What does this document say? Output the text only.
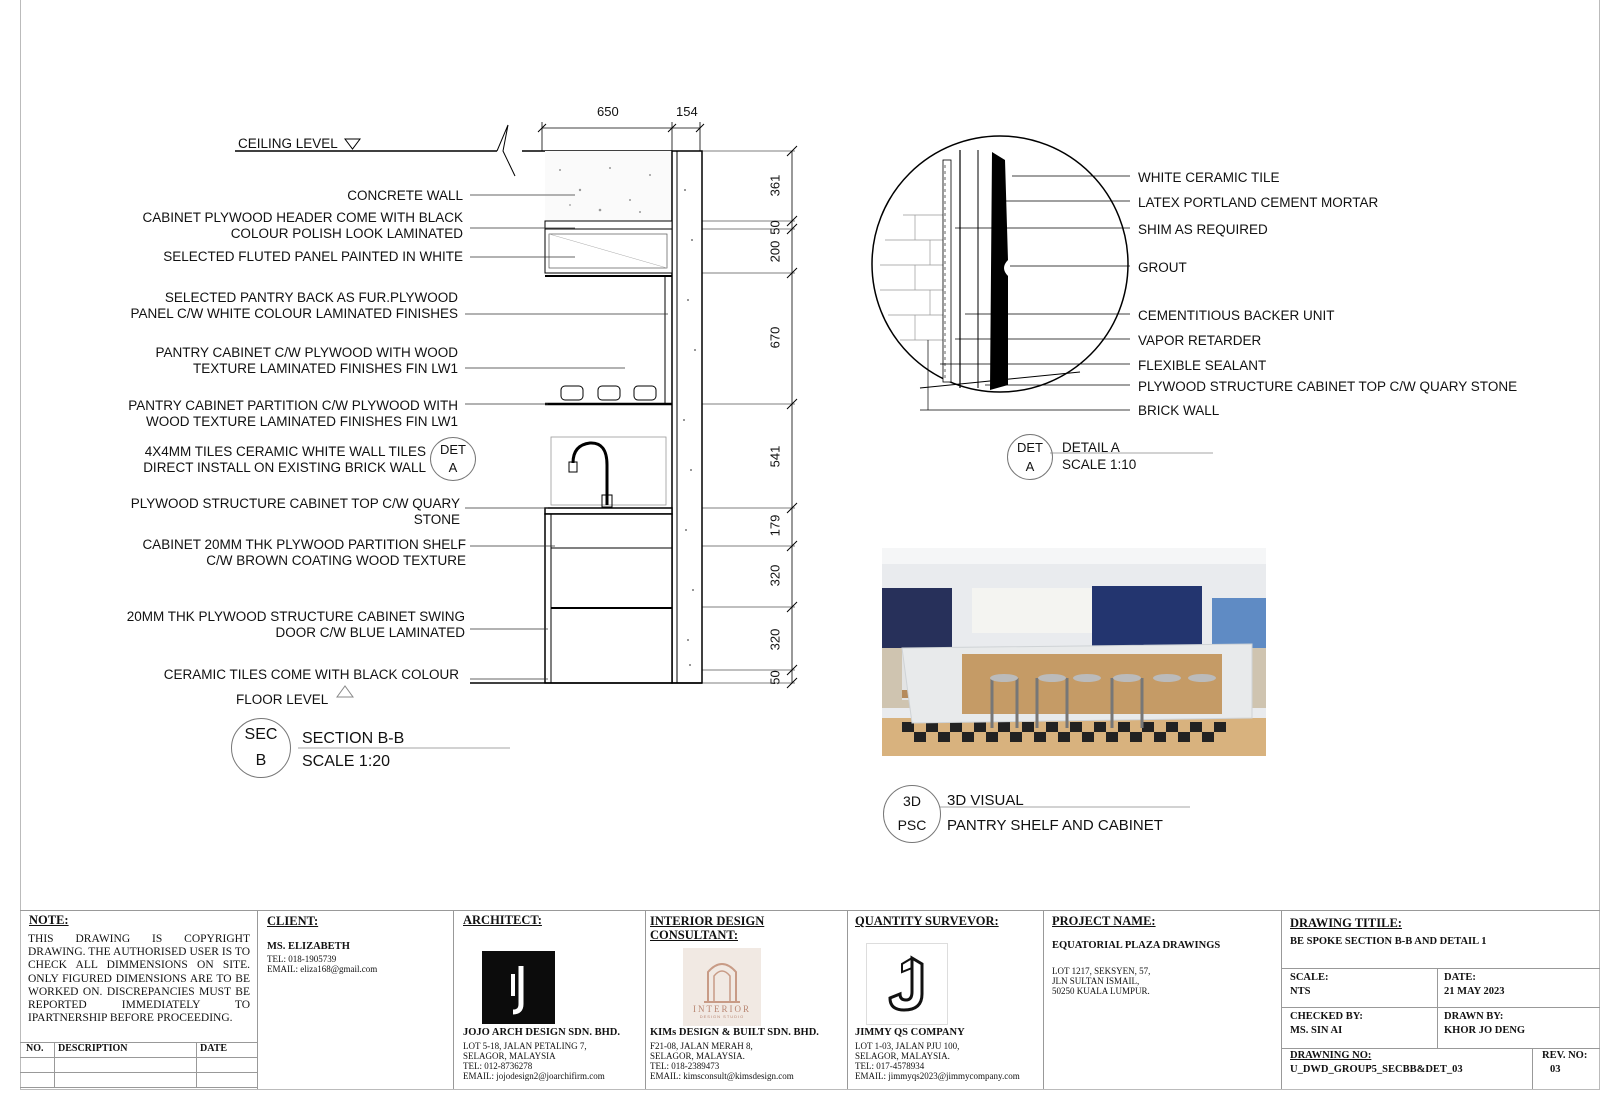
CEILING LEVEL
FLOOR LEVEL
650	154
361
50
200
670
541
179
320
320
50
CONCRETE WALL
CABINET PLYWOOD HEADER COME WITH BLACK
COLOUR POLISH LOOK LAMINATED
SELECTED FLUTED PANEL PAINTED IN WHITE
SELECTED PANTRY BACK AS FUR.PLYWOOD
PANEL C/W WHITE COLOUR LAMINATED FINISHES
PANTRY CABINET C/W PLYWOOD WITH WOOD
TEXTURE LAMINATED FINISHES FIN LW1
PANTRY CABINET PARTITION C/W PLYWOOD WITH
WOOD TEXTURE LAMINATED FINISHES FIN LW1
4X4MM TILES CERAMIC WHITE WALL TILES
DIRECT INSTALL ON EXISTING BRICK WALL
PLYWOOD STRUCTURE CABINET TOP C/W QUARY
STONE
CABINET 20MM THK PLYWOOD PARTITION SHELF
C/W BROWN COATING WOOD TEXTURE
20MM THK PLYWOOD STRUCTURE CABINET SWING
DOOR C/W BLUE LAMINATED
CERAMIC TILES COME WITH BLACK COLOUR
DET
A
SEC
B
SECTION B-B
SCALE 1:20
WHITE CERAMIC TILE
LATEX PORTLAND CEMENT MORTAR
SHIM AS REQUIRED
GROUT
CEMENTITIOUS BACKER UNIT
VAPOR RETARDER
FLEXIBLE SEALANT
PLYWOOD STRUCTURE CABINET TOP C/W QUARY STONE
BRICK WALL
DET
A
DETAIL A
SCALE 1:10
3D
PSC
3D VISUAL
PANTRY SHELF AND CABINET
NOTE:
THIS DRAWING IS COPYRIGHT DRAWING. THE AUTHORISED USER IS TO CHECK ALL DIMMENSIONS ON SITE. ONLY FIGURED DIMENSIONS ARE TO BE WORKED ON. DISCREPANCIES MUST BE REPORTED IMMEDIATELY TO IPARTNERSHIP BEFORE PROCEEDING.
NO.	DESCRIPTION	DATE
CLIENT:
MS. ELIZABETH
TEL: 018-1905739
EMAIL: eliza168@gmail.com
ARCHITECT:
JOJO ARCH DESIGN SDN. BHD.
LOT 5-18, JALAN PETALING 7,
SELAGOR, MALAYSIA
TEL: 012-8736278
EMAIL: jojodesign2@joarchifirm.com
INTERIOR DESIGN
CONSULTANT:
INTERIOR
DESIGN STUDIO
KIMs DESIGN & BUILT SDN. BHD.
F21-08, JALAN MERAH 8,
SELAGOR, MALAYSIA.
TEL: 018-2389473
EMAIL: kimsconsult@kimsdesign.com
QUANTITY SURVEVOR:
JIMMY QS COMPANY
LOT 1-03, JALAN PJU 100,
SELAGOR, MALAYSIA.
TEL: 017-4578934
EMAIL: jimmyqs2023@jimmycompany.com
PROJECT NAME:
EQUATORIAL PLAZA DRAWINGS
LOT 1217, SEKSYEN, 57,
JLN SULTAN ISMAIL,
50250 KUALA LUMPUR.
DRAWING TITILE:
BE SPOKE SECTION B-B AND DETAIL 1
SCALE:
NTS
DATE:
21 MAY 2023
CHECKED BY:
MS. SIN AI
DRAWN BY:
KHOR JO DENG
DRAWNING NO:
U_DWD_GROUP5_SECBB&DET_03
REV. NO:
03
